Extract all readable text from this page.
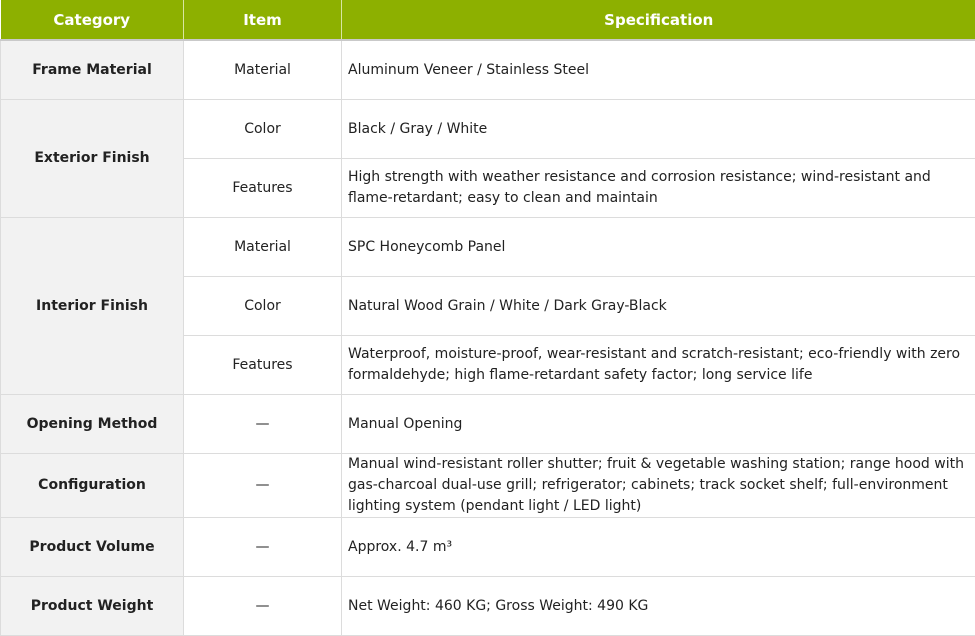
Category	Item	Specification
Frame Material	Material	Aluminum Veneer / Stainless Steel
Exterior Finish	Color	Black / Gray / White
	Features	High strength with weather resistance and corrosion resistance; wind-resistant and flame-retardant; easy to clean and maintain
Interior Finish	Material	SPC Honeycomb Panel
	Color	Natural Wood Grain / White / Dark Gray-Black
	Features	Waterproof, moisture-proof, wear-resistant and scratch-resistant; eco-friendly with zero formaldehyde; high flame-retardant safety factor; long service life
Opening Method	—	Manual Opening
Configuration	—	Manual wind-resistant roller shutter; fruit & vegetable washing station; range hood with gas-charcoal dual-use grill; refrigerator; cabinets; track socket shelf; full-environment lighting system (pendant light / LED light)
Product Volume	—	Approx. 4.7 m³
Product Weight	—	Net Weight: 460 KG; Gross Weight: 490 KG
